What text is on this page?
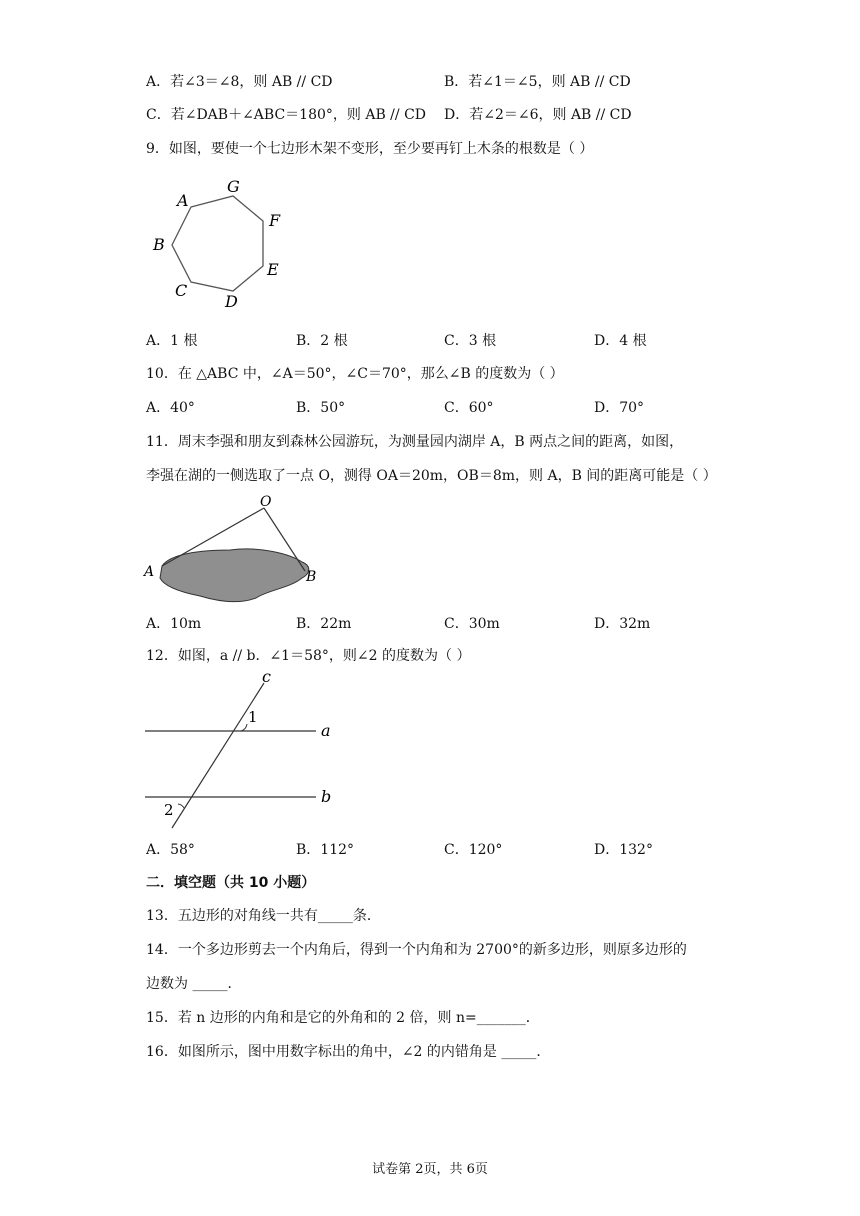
A．若∠3＝∠8，则 AB // CD	B．若∠1＝∠5，则 AB // CD
C．若∠DAB＋∠ABC＝180°，则 AB // CD D．若∠2＝∠6，则 AB // CD
9．如图，要使一个七边形木架不变形，至少要再钉上木条的根数是（ ）
G
A
F
B
E
C
D
A．1 根	B．2 根	C．3 根	D．4 根
10．在 △ABC 中，∠A＝50°，∠C＝70°，那么∠B 的度数为（ ）
A．40°	B．50°	C．60°	D．70°
11．周末李强和朋友到森林公园游玩，为测量园内湖岸 A，B 两点之间的距离，如图，
李强在湖的一侧选取了一点 O，测得 OA＝20m，OB＝8m，则 A，B 间的距离可能是（ ）
O
A	B
A．10m	B．22m	C．30m	D．32m
12．如图，a // b．∠1＝58°，则∠2 的度数为（ ）
c
a
b
1
2
A．58°	B．112°	C．120°	D．132°
二．填空题（共 10 小题）
13．五边形的对角线一共有_____条．
14．一个多边形剪去一个内角后，得到一个内角和为 2700°的新多边形，则原多边形的
边数为 _____．
15．若 n 边形的内角和是它的外角和的 2 倍，则 n=_______．
16．如图所示，图中用数字标出的角中，∠2 的内错角是 _____．
试卷第 2页，共 6页
